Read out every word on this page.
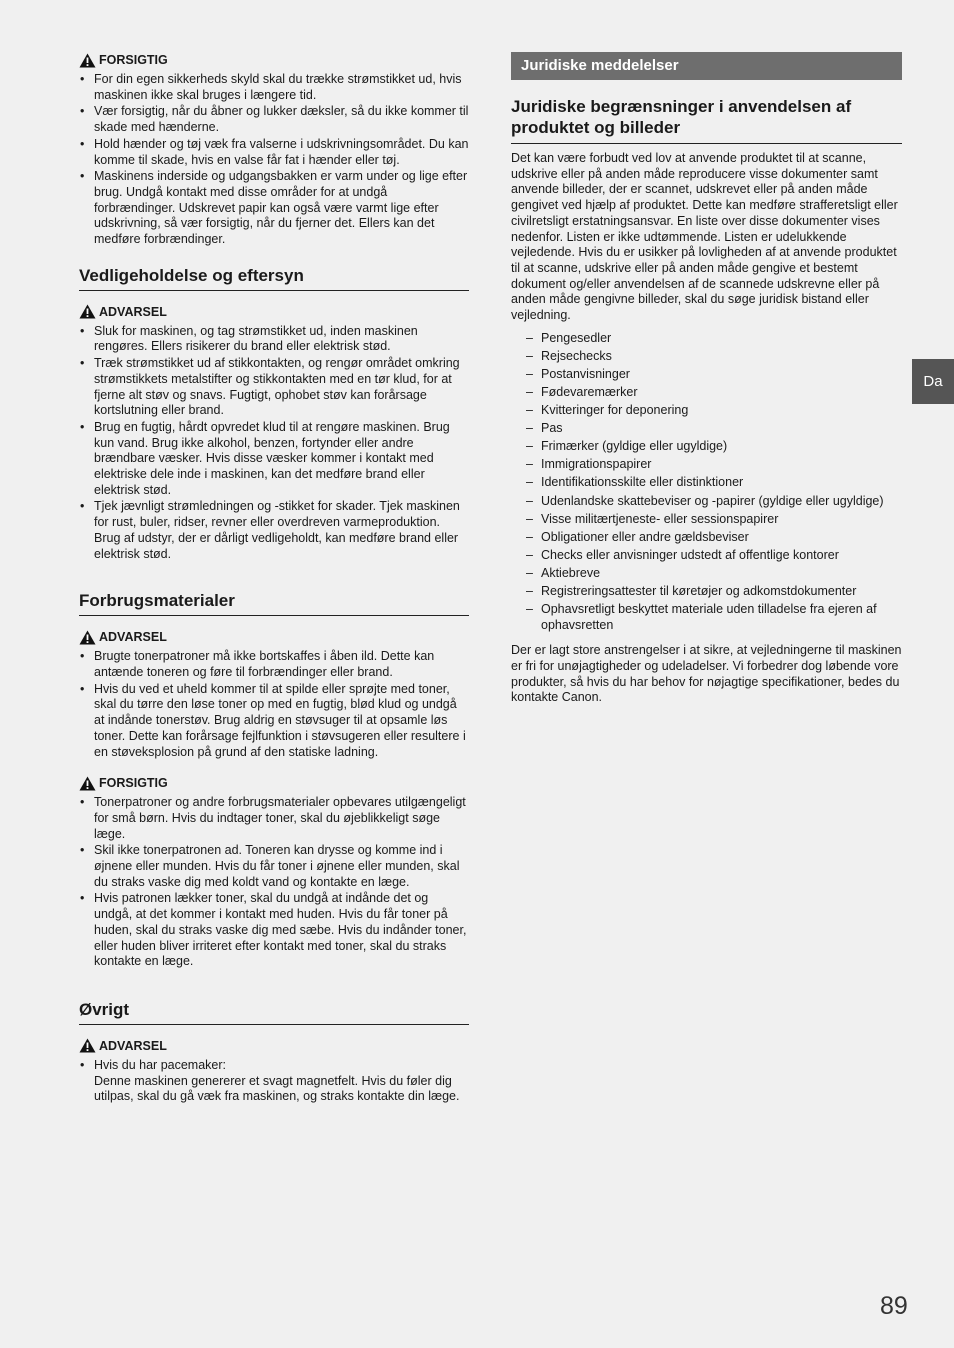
FORSIGTIG
• For din egen sikkerheds skyld skal du trække strømstikket ud, hvis maskinen ikke skal bruges i længere tid.
• Vær forsigtig, når du åbner og lukker dæksler, så du ikke kommer til skade med hænderne.
• Hold hænder og tøj væk fra valserne i udskrivningsområdet. Du kan komme til skade, hvis en valse får fat i hænder eller tøj.
• Maskinens inderside og udgangsbakken er varm under og lige efter brug. Undgå kontakt med disse områder for at undgå forbrændinger. Udskrevet papir kan også være varmt lige efter udskrivning, så vær forsigtig, når du fjerner det. Ellers kan det medføre forbrændinger.
Vedligeholdelse og eftersyn
ADVARSEL
• Sluk for maskinen, og tag strømstikket ud, inden maskinen rengøres. Ellers risikerer du brand eller elektrisk stød.
• Træk strømstikket ud af stikkontakten, og rengør området omkring strømstikkets metalstifter og stikkontakten med en tør klud, for at fjerne alt støv og snavs. Fugtigt, ophobet støv kan forårsage kortslutning eller brand.
• Brug en fugtig, hårdt opvredet klud til at rengøre maskinen. Brug kun vand. Brug ikke alkohol, benzen, fortynder eller andre brændbare væsker. Hvis disse væsker kommer i kontakt med elektriske dele inde i maskinen, kan det medføre brand eller elektrisk stød.
• Tjek jævnligt strømledningen og -stikket for skader. Tjek maskinen for rust, buler, ridser, revner eller overdreven varmeproduktion. Brug af udstyr, der er dårligt vedligeholdt, kan medføre brand eller elektrisk stød.
Forbrugsmaterialer
ADVARSEL
• Brugte tonerpatroner må ikke bortskaffes i åben ild. Dette kan antænde toneren og føre til forbrændinger eller brand.
• Hvis du ved et uheld kommer til at spilde eller sprøjte med toner, skal du tørre den løse toner op med en fugtig, blød klud og undgå at indånde tonerstøv. Brug aldrig en støvsuger til at opsamle løs toner. Dette kan forårsage fejlfunktion i støvsugeren eller resultere i en støveksplosion på grund af den statiske ladning.
FORSIGTIG
• Tonerpatroner og andre forbrugsmaterialer opbevares utilgængeligt for små børn. Hvis du indtager toner, skal du øjeblikkeligt søge læge.
• Skil ikke tonerpatronen ad. Toneren kan drysse og komme ind i øjnene eller munden. Hvis du får toner i øjnene eller munden, skal du straks vaske dig med koldt vand og kontakte en læge.
• Hvis patronen lækker toner, skal du undgå at indånde det og undgå, at det kommer i kontakt med huden. Hvis du får toner på huden, skal du straks vaske dig med sæbe. Hvis du indånder toner, eller huden bliver irriteret efter kontakt med toner, skal du straks kontakte en læge.
Øvrigt
ADVARSEL
• Hvis du har pacemaker:
Denne maskinen genererer et svagt magnetfelt. Hvis du føler dig utilpas, skal du gå væk fra maskinen, og straks kontakte din læge.
Juridiske meddelelser
Juridiske begrænsninger i anvendelsen af produktet og billeder

Det kan være forbudt ved lov at anvende produktet til at scanne, udskrive eller på anden måde reproducere visse dokumenter samt anvende billeder, der er scannet, udskrevet eller på anden måde gengivet ved hjælp af produktet. Dette kan medføre strafferetsligt eller civilretsligt erstatningsansvar. En liste over disse dokumenter vises nedenfor. Listen er ikke udtømmende. Listen er udelukkende vejledende. Hvis du er usikker på lovligheden af at anvende produktet til at scanne, udskrive eller på anden måde gengive et bestemt dokument og/eller anvendelsen af de scannede udskrevne eller på anden måde gengivne billeder, skal du søge juridisk bistand eller vejledning.

– Pengesedler
– Rejsechecks
– Postanvisninger
– Fødevaremærker
– Kvitteringer for deponering
– Pas
– Frimærker (gyldige eller ugyldige)
– Immigrationspapirer
– Identifikationsskilte eller distinktioner
– Udenlandske skattebeviser og -papirer (gyldige eller ugyldige)
– Visse militærtjeneste- eller sessionspapirer
– Obligationer eller andre gældsbeviser
– Checks eller anvisninger udstedt af offentlige kontorer
– Aktiebreve
– Registreringsattester til køretøjer og adkomstdokumenter
– Ophavsretligt beskyttet materiale uden tilladelse fra ejeren af ophavsretten

Der er lagt store anstrengelser i at sikre, at vejledningerne til maskinen er fri for unøjagtigheder og udeladelser. Vi forbedrer dog løbende vore produkter, så hvis du har behov for nøjagtige specifikationer, bedes du kontakte Canon.

Da
89
